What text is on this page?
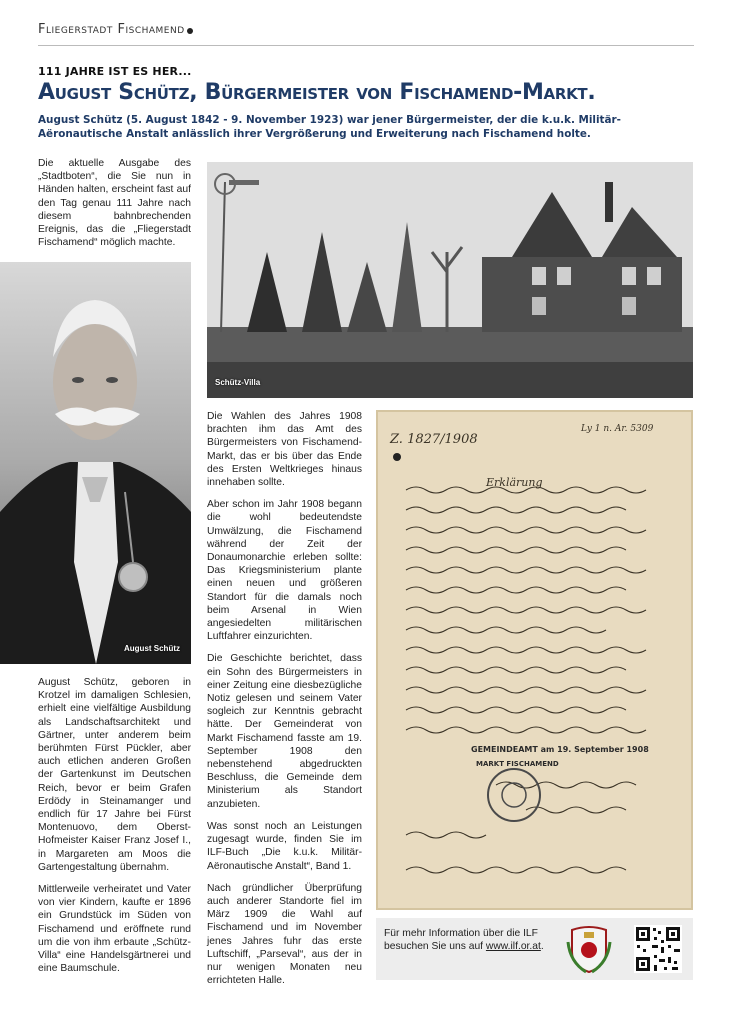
Fliegerstadt Fischamend
111 JAHRE IST ES HER...
August Schütz, Bürgermeister von Fischamend-Markt.
August Schütz (5. August 1842 - 9. November 1923) war jener Bürgermeister, der die k.u.k. Militär-Aëronautische Anstalt anlässlich ihrer Vergrößerung und Erweiterung nach Fischamend holte.

Die aktuelle Ausgabe des „Stadtboten“, die Sie nun in Händen halten, erscheint fast auf den Tag genau 111 Jahre nach diesem bahnbrechenden Ereignis, das die „Fliegerstadt Fischamend“ möglich machte.

August Schütz

August Schütz, geboren in Krotzel im damaligen Schlesien, erhielt eine vielfältige Ausbildung als Landschaftsarchitekt und Gärtner, unter anderem beim berühmten Fürst Pückler, aber auch etlichen anderen Großen der Gartenkunst im Deutschen Reich, bevor er beim Grafen Erdödy in Steinamanger und endlich für 17 Jahre bei Fürst Montenuovo, dem Oberst-Hofmeister Kaiser Franz Josef I., in Margareten am Moos die Gartengestaltung übernahm.

Mittlerweile verheiratet und Vater von vier Kindern, kaufte er 1896 ein Grundstück im Süden von Fischamend und eröffnete rund um die von ihm erbaute „Schütz-Villa“ eine Handelsgärtnerei und eine Baumschule.

Schütz-Villa

Die Wahlen des Jahres 1908 brachten ihm das Amt des Bürgermeisters von Fischamend-Markt, das er bis über das Ende des Ersten Weltkrieges hinaus innehaben sollte.

Aber schon im Jahr 1908 begann die wohl bedeutendste Umwälzung, die Fischamend während der Zeit der Donaumonarchie erleben sollte: Das Kriegsministerium plante einen neuen und größeren Standort für die damals noch beim Arsenal in Wien angesiedelten militärischen Luftfahrer einzurichten.

Die Geschichte berichtet, dass ein Sohn des Bürgermeisters in einer Zeitung eine diesbezügliche Notiz gelesen und seinem Vater sogleich zur Kenntnis gebracht hätte. Der Gemeinderat von Markt Fischamend fasste am 19. September 1908 den nebenstehend abgedruckten Beschluss, die Gemeinde dem Ministerium als Standort anzubieten.

Was sonst noch an Leistungen zugesagt wurde, finden Sie im ILF-Buch „Die k.u.k. Militär-Aëronautische Anstalt“, Band 1.

Nach gründlicher Überprüfung auch anderer Standorte fiel im März 1909 die Wahl auf Fischamend und im November jenes Jahres fuhr das erste Luftschiff, „Parseval“, aus der in nur wenigen Monaten neu errichteten Halle.

Z. 1827/1908
Ly 1 n. Ar. 5309
Erklärung
GEMEINDEAMT am 19. September 1908
MARKT FISCHAMEND
Für mehr Information über die ILF besuchen Sie uns auf www.ilf.or.at.
